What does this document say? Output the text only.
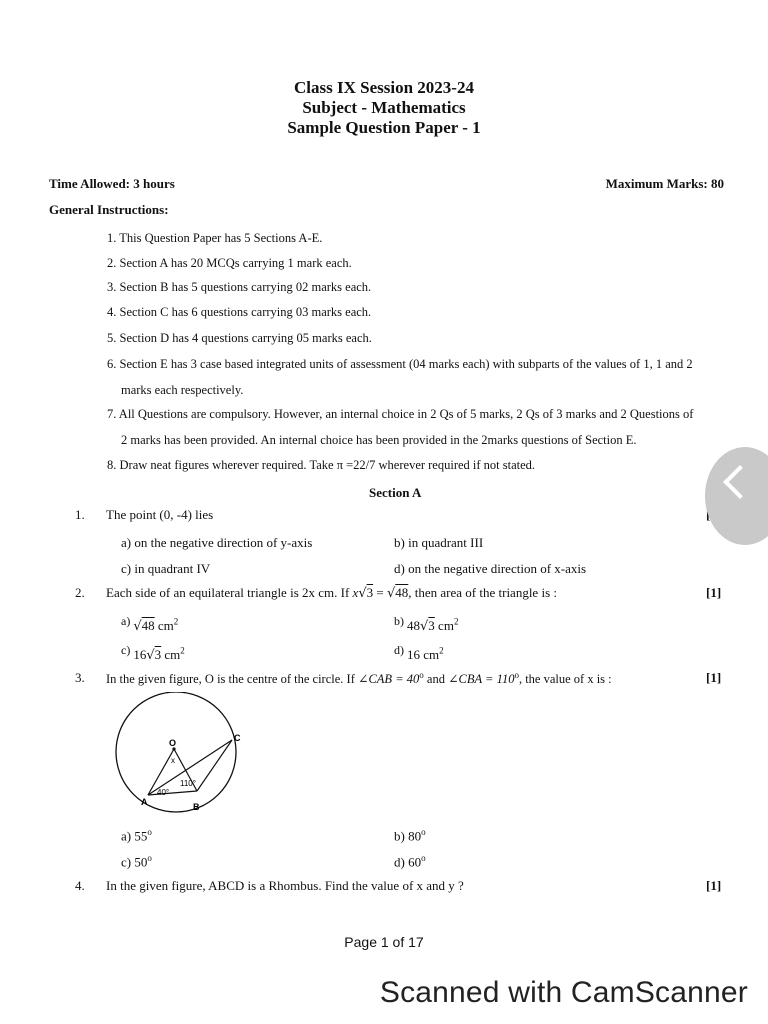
Class IX Session 2023-24
Subject - Mathematics
Sample Question Paper - 1
Time Allowed: 3 hours	Maximum Marks: 80
General Instructions:
1. This Question Paper has 5 Sections A-E.
2. Section A has 20 MCQs carrying 1 mark each.
3. Section B has 5 questions carrying 02 marks each.
4. Section C has 6 questions carrying 03 marks each.
5. Section D has 4 questions carrying 05 marks each.
6. Section E has 3 case based integrated units of assessment (04 marks each) with subparts of the values of 1, 1 and 2
marks each respectively.
7. All Questions are compulsory. However, an internal choice in 2 Qs of 5 marks, 2 Qs of 3 marks and 2 Questions of
2 marks has been provided. An internal choice has been provided in the 2marks questions of Section E.
8. Draw neat figures wherever required. Take π =22/7 wherever required if not stated.
Section A
1. The point (0, -4) lies
a) on the negative direction of y-axis	b) in quadrant III
c) in quadrant IV	d) on the negative direction of x-axis
2. Each side of an equilateral triangle is 2x cm. If x√3 = √48, then area of the triangle is :	[1]
a) √48 $cm^2$	b) 48√3 $cm^2$
c) 16√3 $cm^2$	d) 16 $cm^2$
3. In the given figure, O is the centre of the circle. If ∠CAB = $40^o$ and ∠CBA = $110^o$, the value of x is :	[1]
O
x
C
A	B
110°
40°
a) 55$^o$	b) 80$^o$
c) 50$^o$	d) 60$^o$
4. In the given figure, ABCD is a Rhombus. Find the value of x and y ?	[1]
Page 1 of 17
Scanned with CamScanner
